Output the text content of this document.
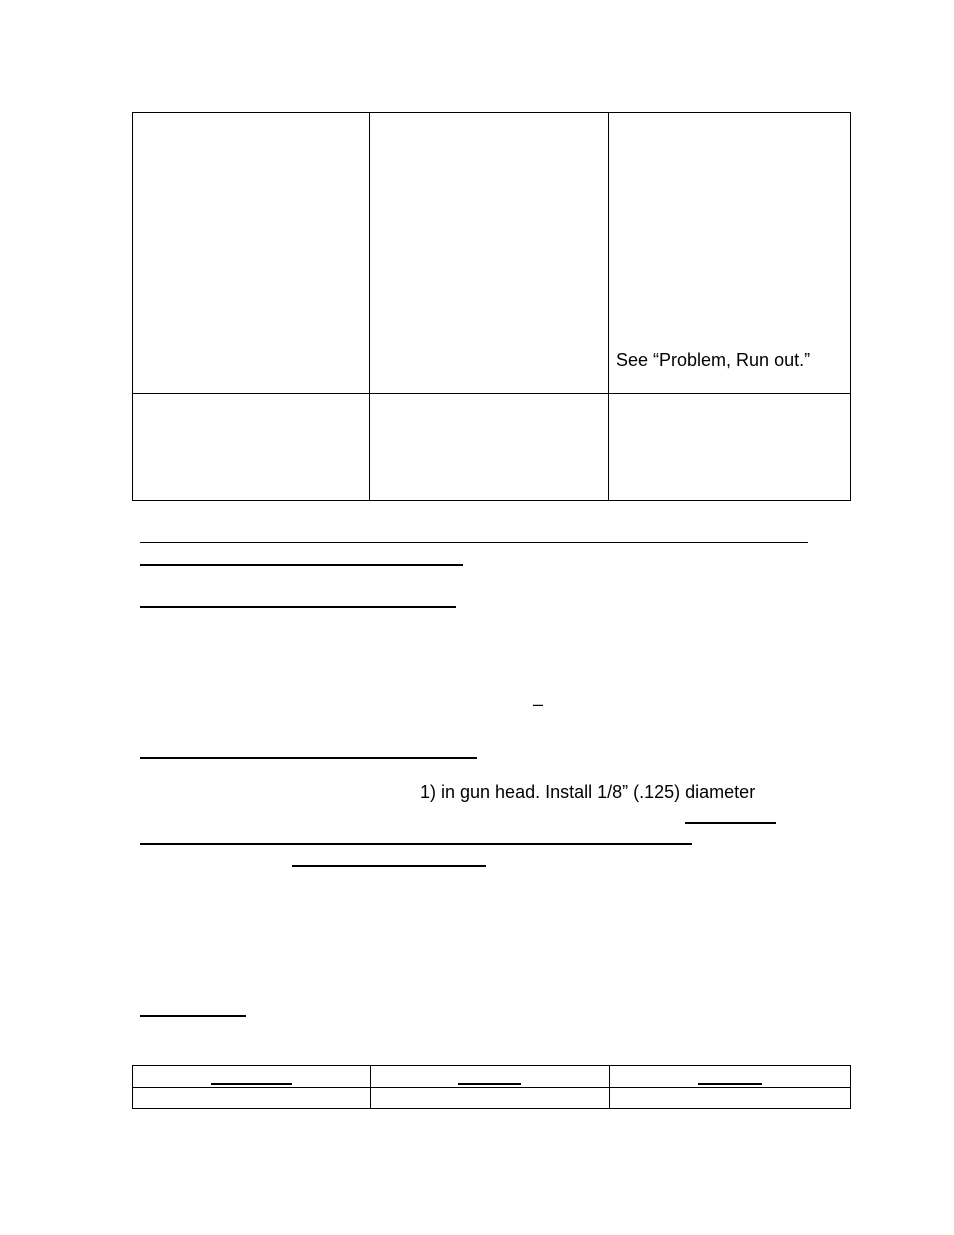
See “Problem, Run out.”
–
1) in gun head. Install 1/8” (.125) diameter
